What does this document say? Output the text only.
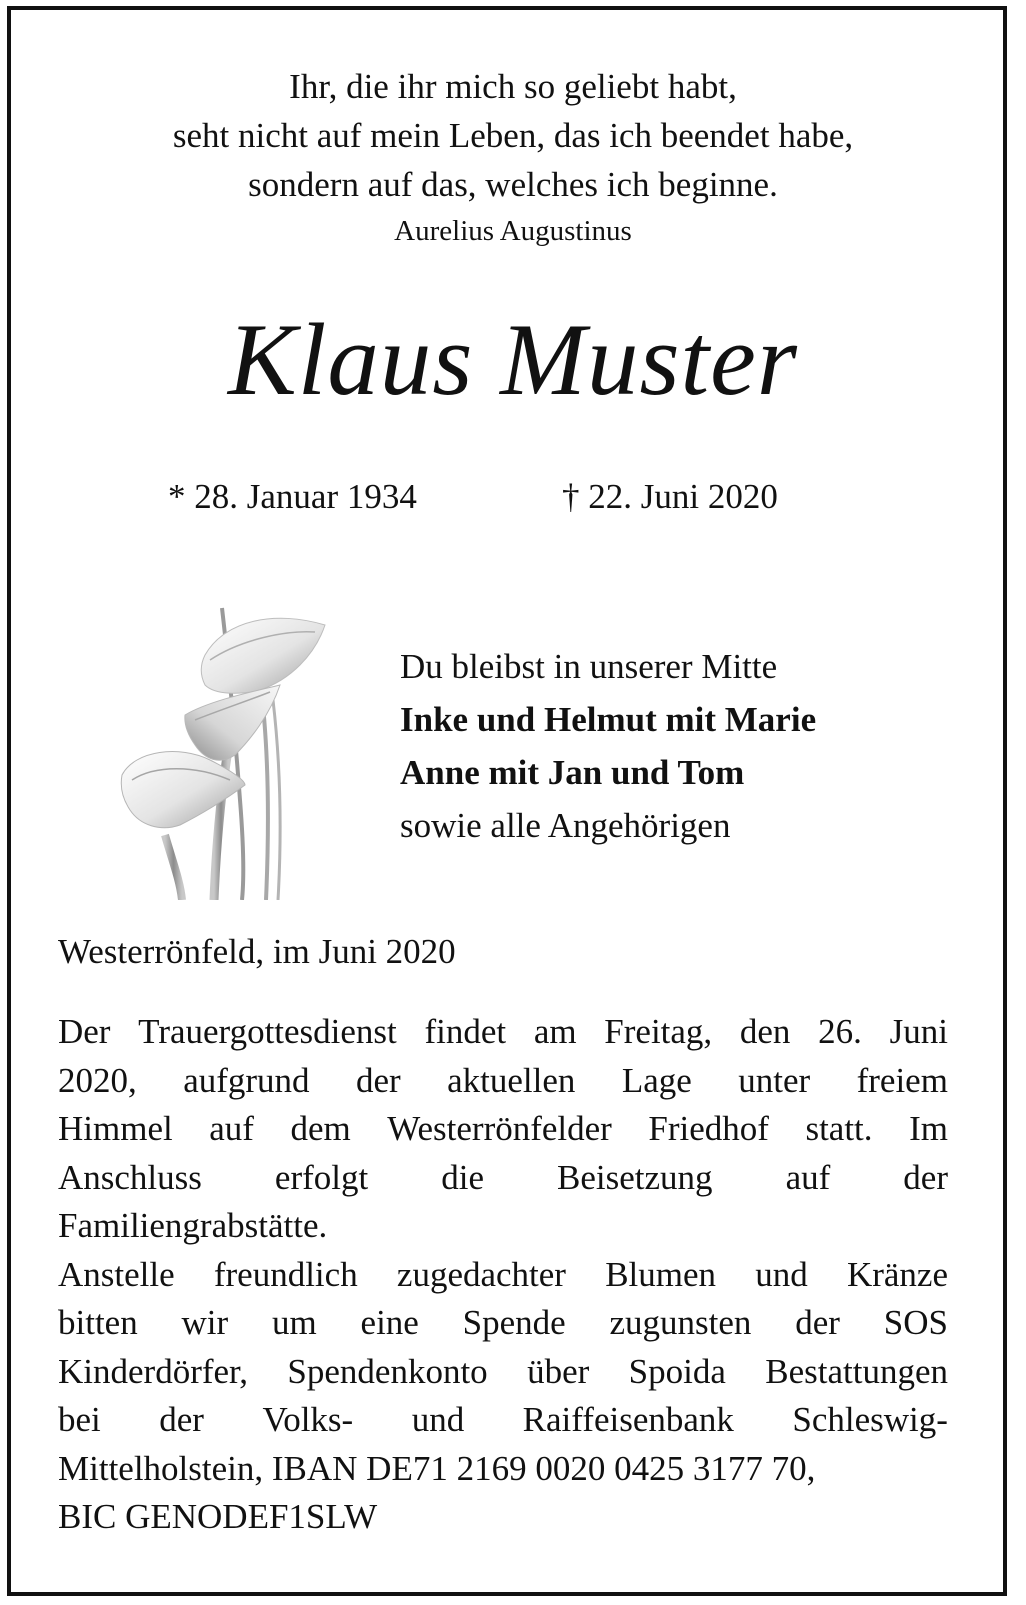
Ihr, die ihr mich so geliebt habt,
seht nicht auf mein Leben, das ich beendet habe,
sondern auf das, welches ich beginne.
Aurelius Augustinus
Klaus Muster
* 28. Januar 1934	† 22. Juni 2020
Du bleibst in unserer Mitte
Inke und Helmut mit Marie
Anne mit Jan und Tom
sowie alle Angehörigen
Westerrönfeld, im Juni 2020
Der Trauergottesdienst findet am Freitag, den 26. Juni
2020, aufgrund der aktuellen Lage unter freiem
Himmel auf dem Westerrönfelder Friedhof statt. Im
Anschluss erfolgt die Beisetzung auf der
Familiengrabstätte.
Anstelle freundlich zugedachter Blumen und Kränze
bitten wir um eine Spende zugunsten der SOS
Kinderdörfer, Spendenkonto über Spoida Bestattungen
bei der Volks- und Raiffeisenbank Schleswig-
Mittelholstein, IBAN DE71 2169 0020 0425 3177 70,
BIC GENODEF1SLW
